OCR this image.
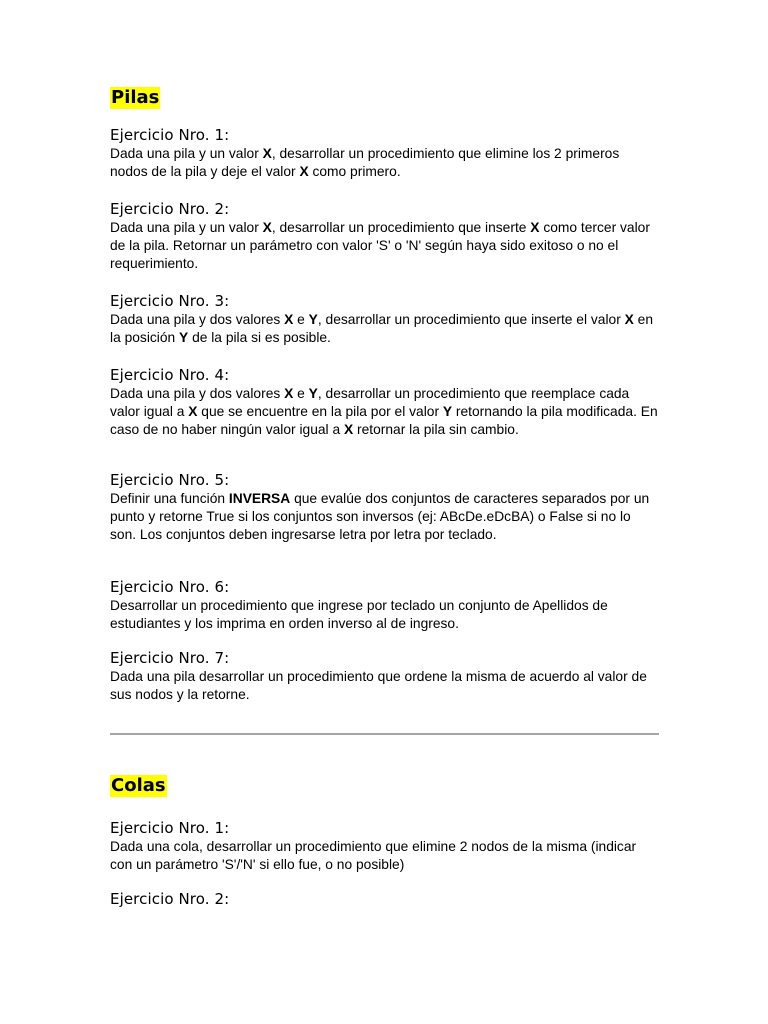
Pilas
Ejercicio Nro. 1:

Dada una pila y un valor X, desarrollar un procedimiento que elimine los 2 primeros nodos de la pila y deje el valor X como primero.

Ejercicio Nro. 2:

Dada una pila y un valor X, desarrollar un procedimiento que inserte X como tercer valor de la pila. Retornar un parámetro con valor 'S' o 'N' según haya sido exitoso o no el requerimiento.

Ejercicio Nro. 3:

Dada una pila y dos valores X e Y, desarrollar un procedimiento que inserte el valor X en la posición Y de la pila si es posible.

Ejercicio Nro. 4:

Dada una pila y dos valores X e Y, desarrollar un procedimiento que reemplace cada valor igual a X que se encuentre en la pila por el valor Y retornando la pila modificada. En caso de no haber ningún valor igual a X retornar la pila sin cambio.

Ejercicio Nro. 5:

Definir una función INVERSA que evalúe dos conjuntos de caracteres separados por un punto y retorne True si los conjuntos son inversos (ej: ABcDe.eDcBA) o False si no lo son. Los conjuntos deben ingresarse letra por letra por teclado.

Ejercicio Nro. 6:

Desarrollar un procedimiento que ingrese por teclado un conjunto de Apellidos de estudiantes y los imprima en orden inverso al de ingreso.

Ejercicio Nro. 7:

Dada una pila desarrollar un procedimiento que ordene la misma de acuerdo al valor de sus nodos y la retorne.

Colas
Ejercicio Nro. 1:

Dada una cola, desarrollar un procedimiento que elimine 2 nodos de la misma (indicar con un parámetro 'S'/'N' si ello fue, o no posible)

Ejercicio Nro. 2:
